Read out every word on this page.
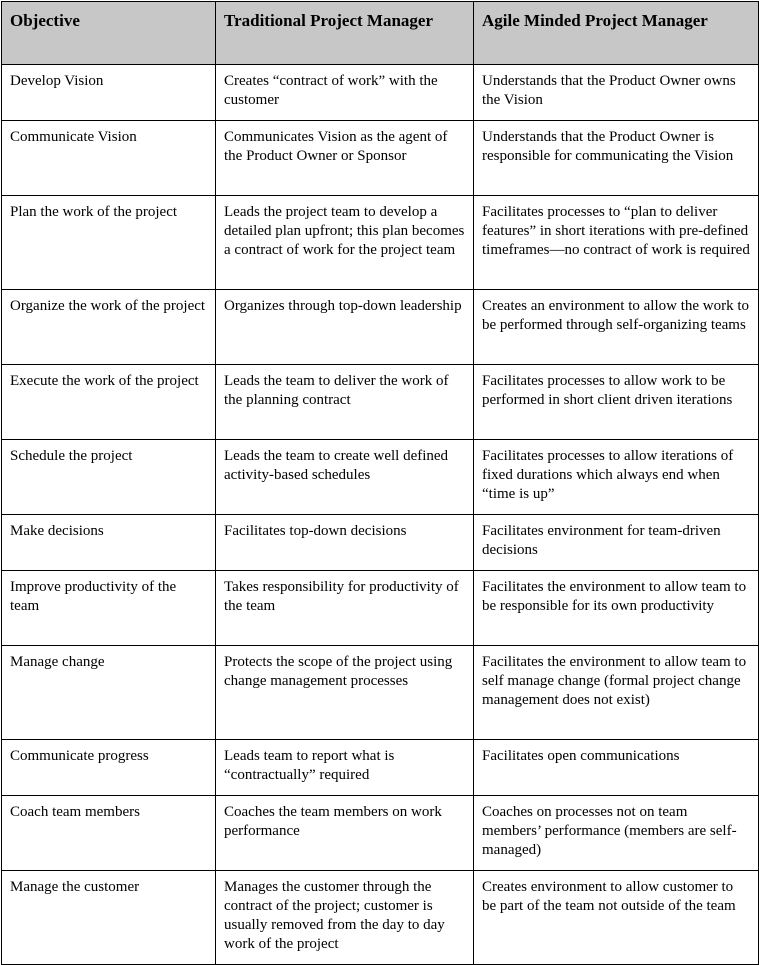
Objective	Traditional Project Manager	Agile Minded Project Manager
Develop Vision	Creates “contract of work” with the customer	Understands that the Product Owner owns the Vision
Communicate Vision	Communicates Vision as the agent of the Product Owner or Sponsor	Understands that the Product Owner is responsible for communicating the Vision
Plan the work of the project	Leads the project team to develop a detailed plan upfront; this plan becomes a contract of work for the project team	Facilitates processes to “plan to deliver features” in short iterations with pre-defined timeframes—no contract of work is required
Organize the work of the project	Organizes through top-down leadership	Creates an environment to allow the work to be performed through self-organizing teams
Execute the work of the project	Leads the team to deliver the work of the planning contract	Facilitates processes to allow work to be performed in short client driven iterations
Schedule the project	Leads the team to create well defined activity-based schedules	Facilitates processes to allow iterations of fixed durations which always end when “time is up”
Make decisions	Facilitates top-down decisions	Facilitates environment for team-driven decisions
Improve productivity of the team	Takes responsibility for productivity of the team	Facilitates the environment to allow team to be responsible for its own productivity
Manage change	Protects the scope of the project using change management processes	Facilitates the environment to allow team to self manage change (formal project change management does not exist)
Communicate progress	Leads team to report what is “contractually” required	Facilitates open communications
Coach team members	Coaches the team members on work performance	Coaches on processes not on team members’ performance (members are self-managed)
Manage the customer	Manages the customer through the contract of the project; customer is usually removed from the day to day work of the project	Creates environment to allow customer to be part of the team not outside of the team
